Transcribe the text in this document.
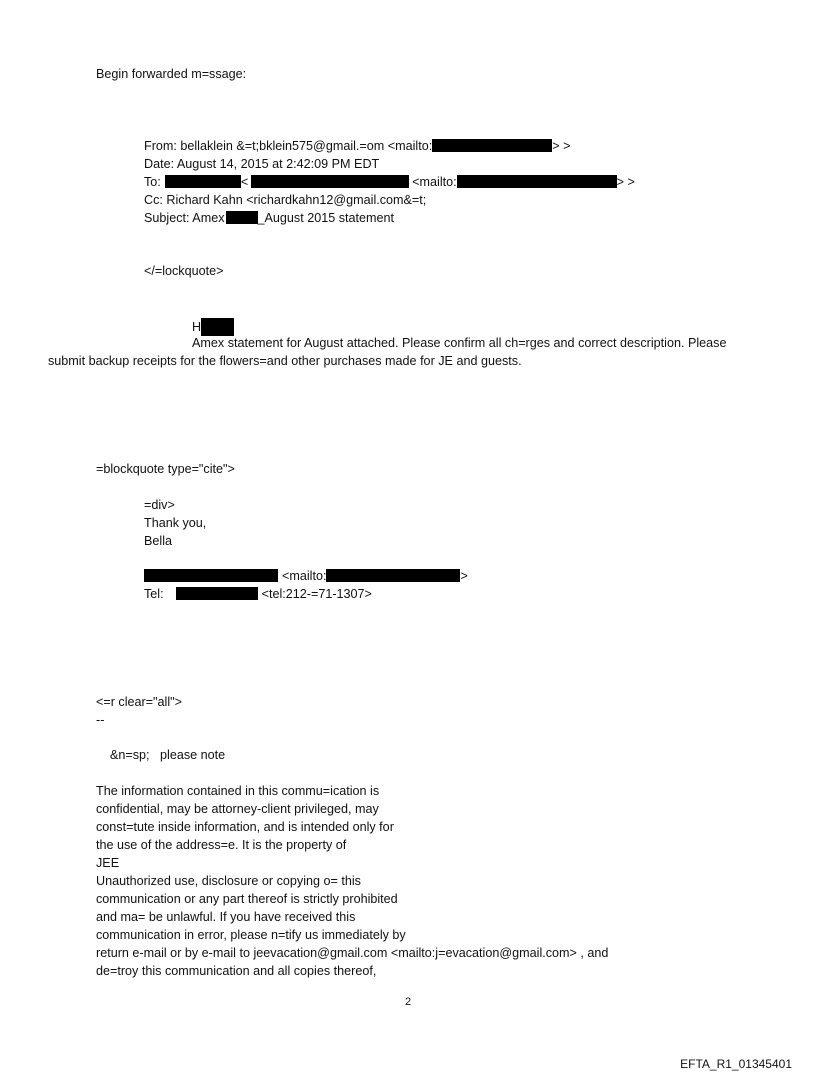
Begin forwarded m=ssage:
From: bellaklein &=t;bklein575@gmail.=om <mailto:	> >
Date: August 14, 2015 at 2:42:09 PM EDT
To:	<	<mailto:	> >
Cc: Richard Kahn <richardkahn12@gmail.com&=t;
Subject: Amex	_August 2015 statement
</=lockquote>
H
Amex statement for August attached. Please confirm all ch=rges and correct description. Please
submit backup receipts for the flowers=and other purchases made for JE and guests.
=blockquote type="cite">
=div>
Thank you,
Bella
<mailto:	>
Tel:	<tel:212-=71-1307>
<=r clear="all">
--
&n=sp;   please note
The information contained in this commu=ication is
confidential, may be attorney-client privileged, may
const=tute inside information, and is intended only for
the use of the address=e. It is the property of
JEE
Unauthorized use, disclosure or copying o= this
communication or any part thereof is strictly prohibited
and ma= be unlawful. If you have received this
communication in error, please n=tify us immediately by
return e-mail or by e-mail to jeevacation@gmail.com <mailto:j=evacation@gmail.com> , and
de=troy this communication and all copies thereof,
2
EFTA_R1_01345401
